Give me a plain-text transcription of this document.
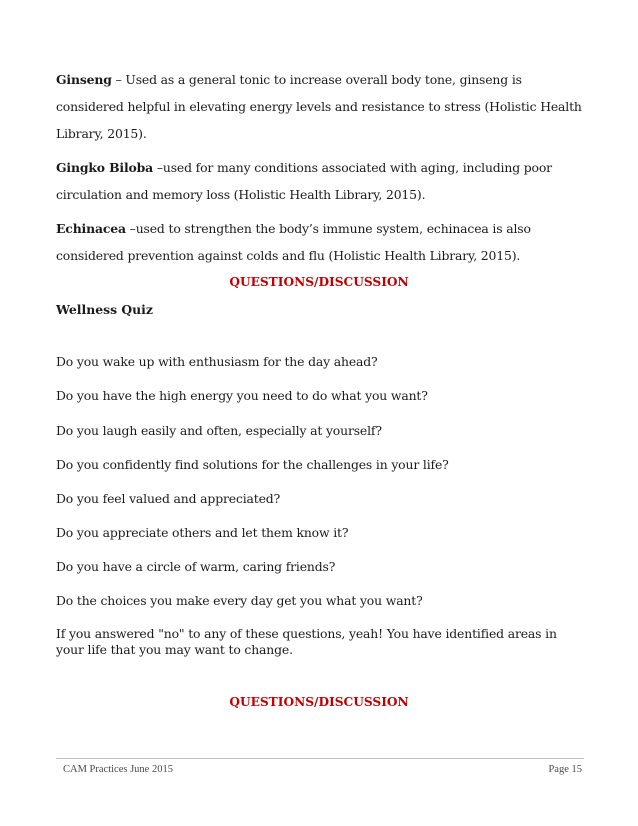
Ginseng – Used as a general tonic to increase overall body tone, ginseng is considered helpful in elevating energy levels and resistance to stress (Holistic Health Library, 2015).

Gingko Biloba –used for many conditions associated with aging, including poor circulation and memory loss (Holistic Health Library, 2015).

Echinacea –used to strengthen the body’s immune system, echinacea is also considered prevention against colds and flu (Holistic Health Library, 2015).

QUESTIONS/DISCUSSION
Wellness Quiz
Do you wake up with enthusiasm for the day ahead?
Do you have the high energy you need to do what you want?
Do you laugh easily and often, especially at yourself?
Do you confidently find solutions for the challenges in your life?
Do you feel valued and appreciated?
Do you appreciate others and let them know it?
Do you have a circle of warm, caring friends?
Do the choices you make every day get you what you want?
If you answered "no" to any of these questions, yeah! You have identified areas in your life that you may want to change.
QUESTIONS/DISCUSSION
CAM Practices June 2015	Page 15
